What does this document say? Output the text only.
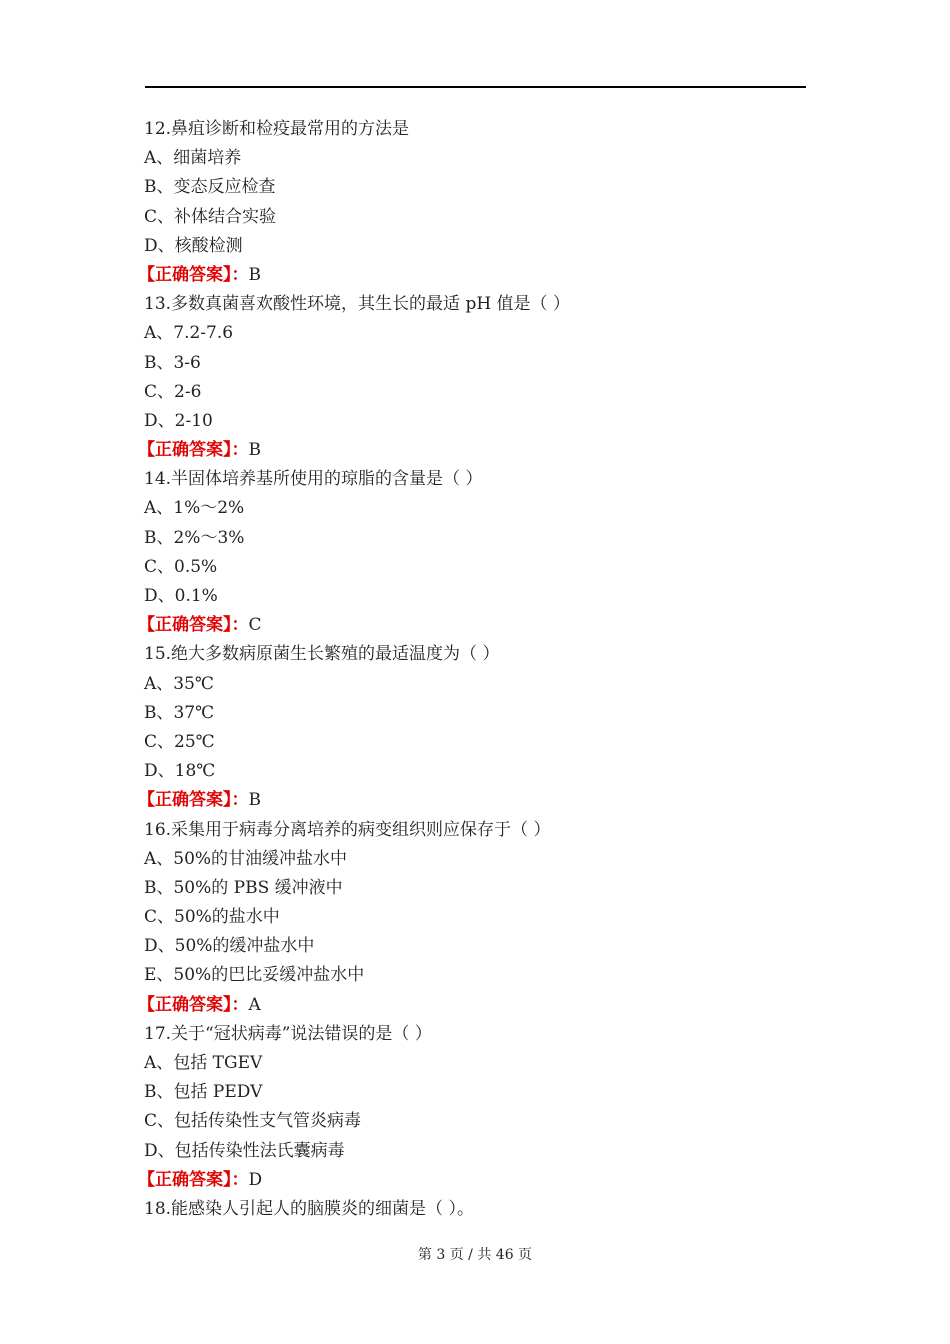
12.鼻疽诊断和检疫最常用的方法是
A、细菌培养
B、变态反应检查
C、补体结合实验
D、核酸检测
【正确答案】：B
13.多数真菌喜欢酸性环境，其生长的最适 pH 值是（ ）
A、7.2-7.6
B、3-6
C、2-6
D、2-10
【正确答案】：B
14.半固体培养基所使用的琼脂的含量是（ ）
A、1%～2%
B、2%～3%
C、0.5%
D、0.1%
【正确答案】：C
15.绝大多数病原菌生长繁殖的最适温度为（ ）
A、35℃
B、37℃
C、25℃
D、18℃
【正确答案】：B
16.采集用于病毒分离培养的病变组织则应保存于（ ）
A、50%的甘油缓冲盐水中
B、50%的 PBS 缓冲液中
C、50%的盐水中
D、50%的缓冲盐水中
E、50%的巴比妥缓冲盐水中
【正确答案】：A
17.关于“冠状病毒”说法错误的是（ ）
A、包括 TGEV
B、包括 PEDV
C、包括传染性支气管炎病毒
D、包括传染性法氏囊病毒
【正确答案】：D
18.能感染人引起人的脑膜炎的细菌是（ ）。
第 3 页 / 共 46 页
